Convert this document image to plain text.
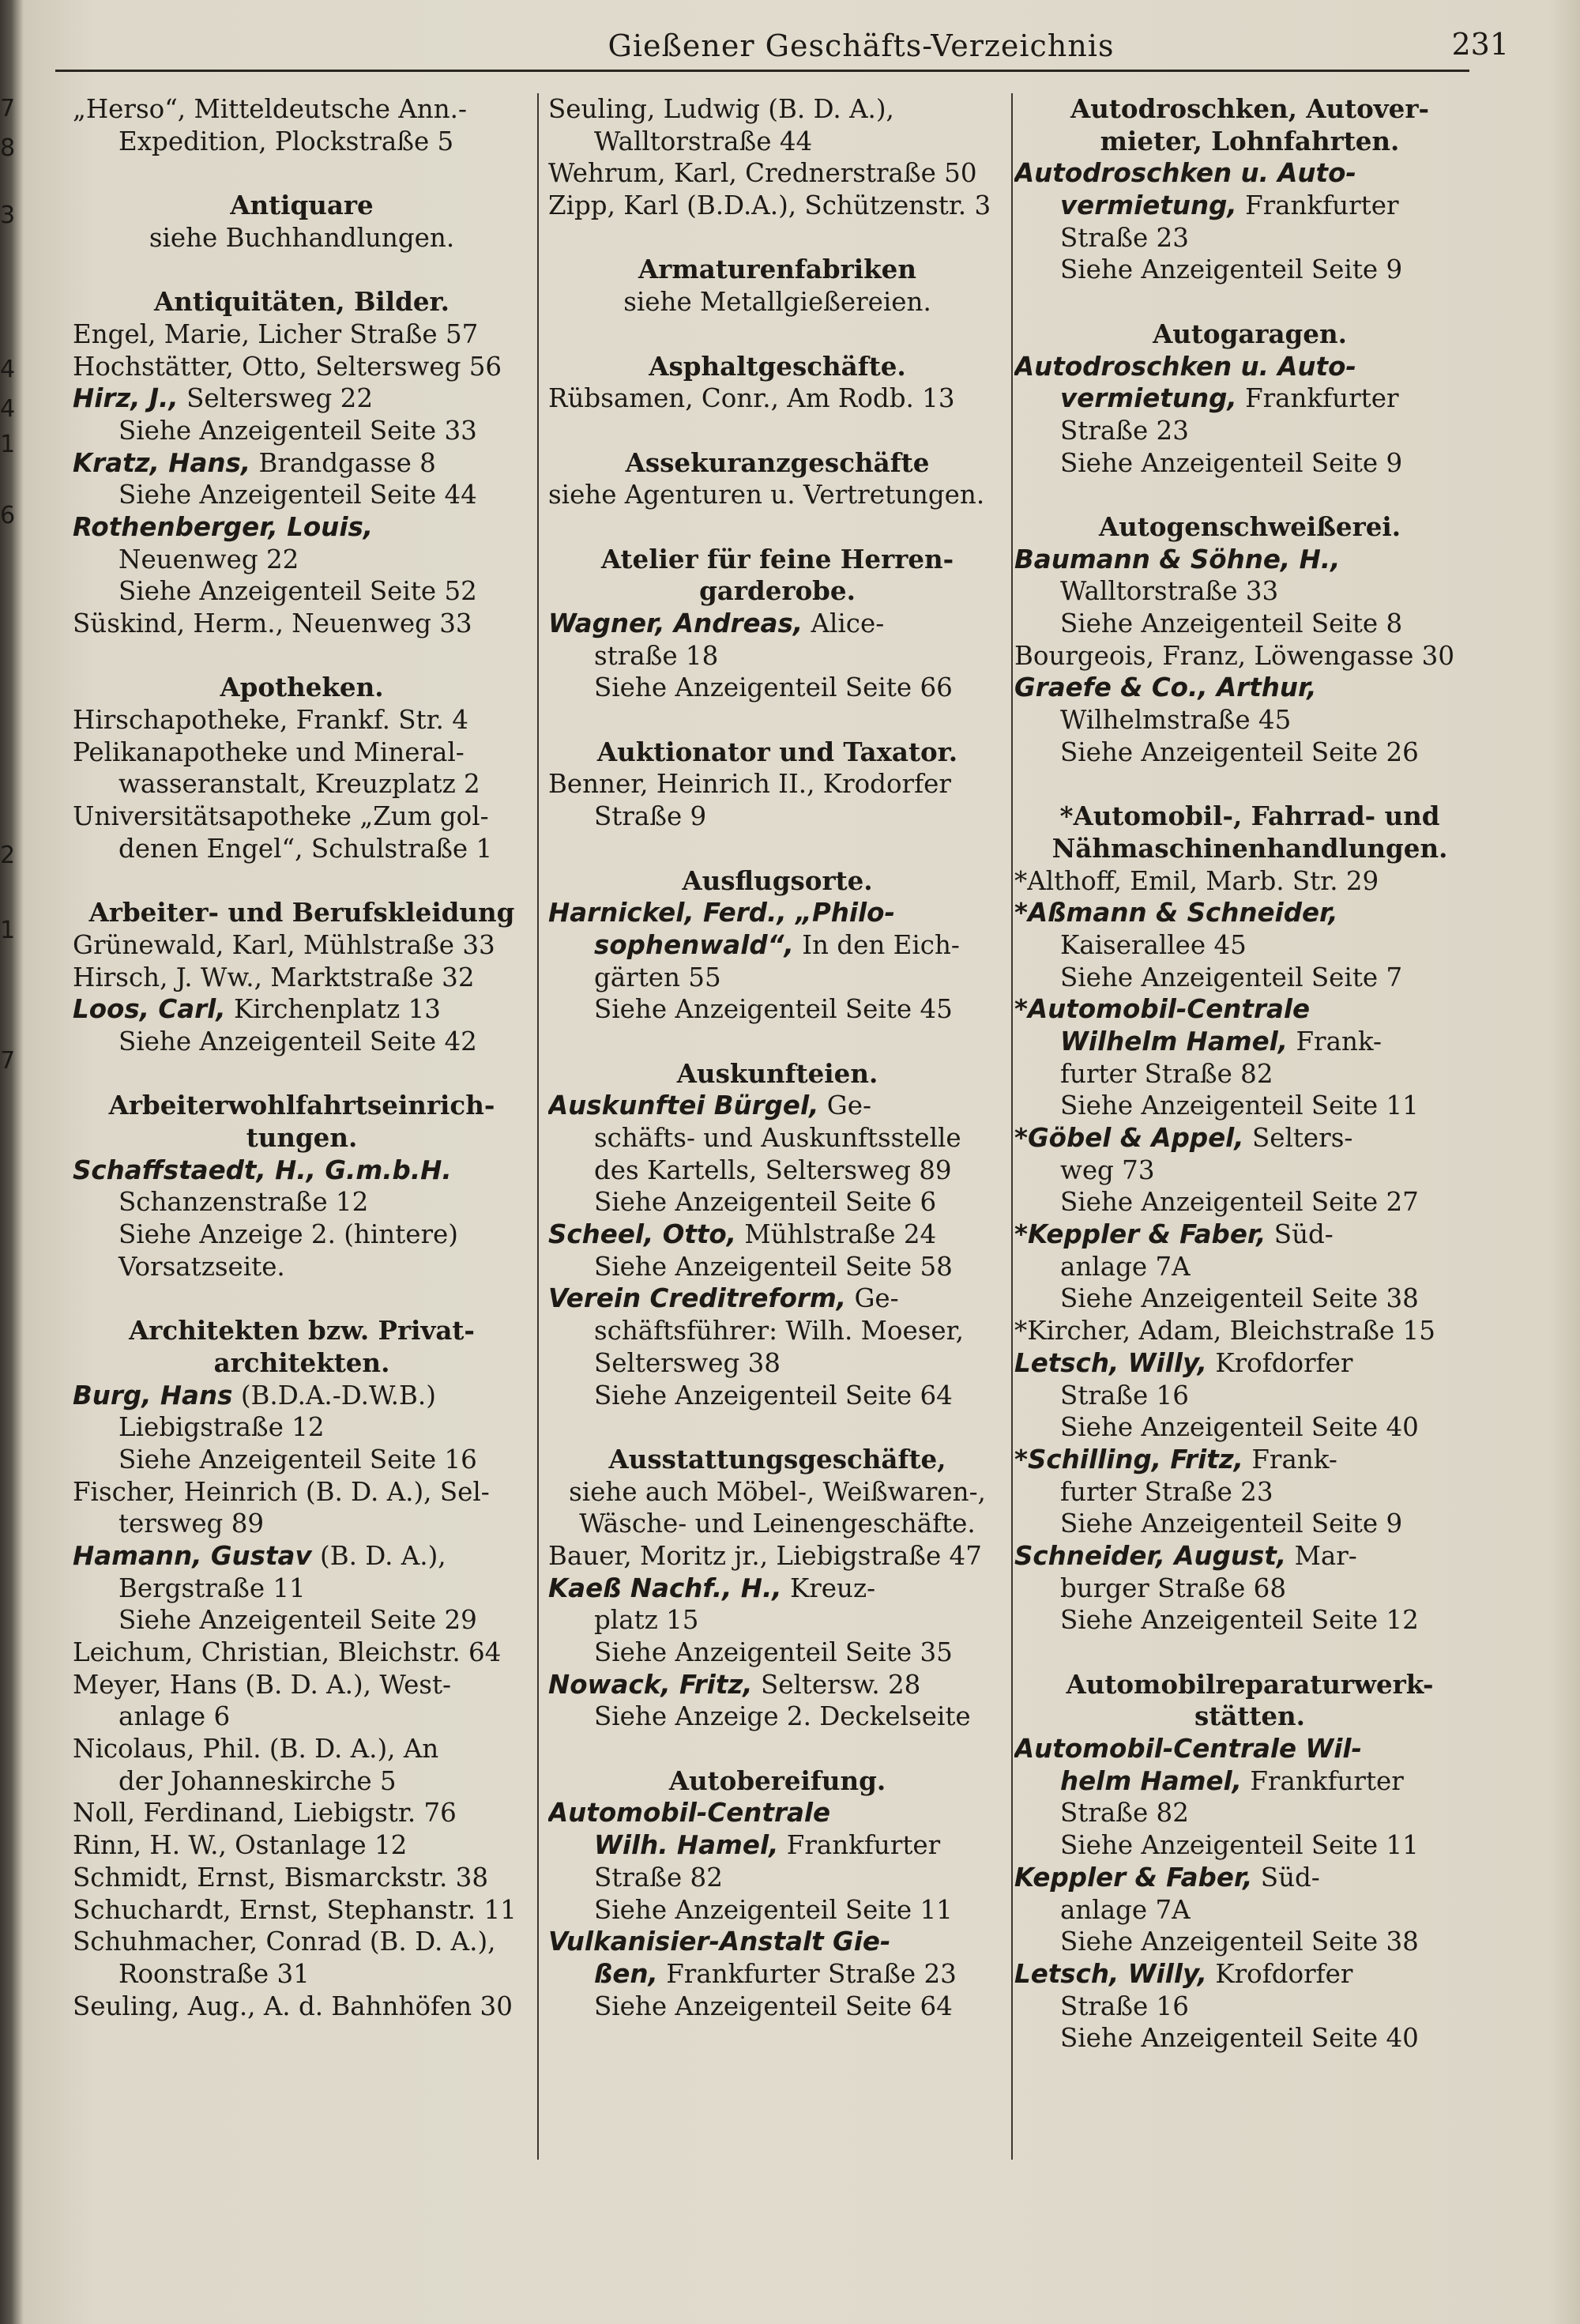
7
8
3
4
4
1
6
2
1
7
Gießener Geschäfts-Verzeichnis	231
„Herso“, Mitteldeutsche Ann.-
Expedition, Plockstraße 5
Antiquare
siehe Buchhandlungen.
Antiquitäten, Bilder.
Engel, Marie, Licher Straße 57
Hochstätter, Otto, Seltersweg 56
Hirz, J., Seltersweg 22
Siehe Anzeigenteil Seite 33
Kratz, Hans, Brandgasse 8
Siehe Anzeigenteil Seite 44
Rothenberger, Louis,
Neuenweg 22
Siehe Anzeigenteil Seite 52
Süskind, Herm., Neuenweg 33
Apotheken.
Hirschapotheke, Frankf. Str. 4
Pelikanapotheke und Mineral-
wasseranstalt, Kreuzplatz 2
Universitätsapotheke „Zum gol-
denen Engel“, Schulstraße 1
Arbeiter- und Berufskleidung
Grünewald, Karl, Mühlstraße 33
Hirsch, J. Ww., Marktstraße 32
Loos, Carl, Kirchenplatz 13
Siehe Anzeigenteil Seite 42
Arbeiterwohlfahrtseinrich-
tungen.
Schaffstaedt, H., G.m.b.H.
Schanzenstraße 12
Siehe Anzeige 2. (hintere)
Vorsatzseite.
Architekten bzw. Privat-
architekten.
Burg, Hans (B.D.A.-D.W.B.)
Liebigstraße 12
Siehe Anzeigenteil Seite 16
Fischer, Heinrich (B. D. A.), Sel-
tersweg 89
Hamann, Gustav (B. D. A.),
Bergstraße 11
Siehe Anzeigenteil Seite 29
Leichum, Christian, Bleichstr. 64
Meyer, Hans (B. D. A.), West-
anlage 6
Nicolaus, Phil. (B. D. A.), An
der Johanneskirche 5
Noll, Ferdinand, Liebigstr. 76
Rinn, H. W., Ostanlage 12
Schmidt, Ernst, Bismarckstr. 38
Schuchardt, Ernst, Stephanstr. 11
Schuhmacher, Conrad (B. D. A.),
Roonstraße 31
Seuling, Aug., A. d. Bahnhöfen 30
Seuling, Ludwig (B. D. A.),
Walltorstraße 44
Wehrum, Karl, Crednerstraße 50
Zipp, Karl (B.D.A.), Schützenstr. 3
Armaturenfabriken
siehe Metallgießereien.
Asphaltgeschäfte.
Rübsamen, Conr., Am Rodb. 13
Assekuranzgeschäfte
siehe Agenturen u. Vertretungen.
Atelier für feine Herren-
garderobe.
Wagner, Andreas, Alice-
straße 18
Siehe Anzeigenteil Seite 66
Auktionator und Taxator.
Benner, Heinrich II., Krodorfer
Straße 9
Ausflugsorte.
Harnickel, Ferd., „Philo-
sophenwald“, In den Eich-
gärten 55
Siehe Anzeigenteil Seite 45
Auskunfteien.
Auskunftei Bürgel, Ge-
schäfts- und Auskunftsstelle
des Kartells, Seltersweg 89
Siehe Anzeigenteil Seite 6
Scheel, Otto, Mühlstraße 24
Siehe Anzeigenteil Seite 58
Verein Creditreform, Ge-
schäftsführer: Wilh. Moeser,
Seltersweg 38
Siehe Anzeigenteil Seite 64
Ausstattungsgeschäfte,
siehe auch Möbel-, Weißwaren-,
Wäsche- und Leinengeschäfte.
Bauer, Moritz jr., Liebigstraße 47
Kaeß Nachf., H., Kreuz-
platz 15
Siehe Anzeigenteil Seite 35
Nowack, Fritz, Seltersw. 28
Siehe Anzeige 2. Deckelseite
Autobereifung.
Automobil-Centrale
Wilh. Hamel, Frankfurter
Straße 82
Siehe Anzeigenteil Seite 11
Vulkanisier-Anstalt Gie-
ßen, Frankfurter Straße 23
Siehe Anzeigenteil Seite 64
Autodroschken, Autover-
mieter, Lohnfahrten.
Autodroschken u. Auto-
vermietung, Frankfurter
Straße 23
Siehe Anzeigenteil Seite 9
Autogaragen.
Autodroschken u. Auto-
vermietung, Frankfurter
Straße 23
Siehe Anzeigenteil Seite 9
Autogenschweißerei.
Baumann & Söhne, H.,
Walltorstraße 33
Siehe Anzeigenteil Seite 8
Bourgeois, Franz, Löwengasse 30
Graefe & Co., Arthur,
Wilhelmstraße 45
Siehe Anzeigenteil Seite 26
*Automobil-, Fahrrad- und
Nähmaschinenhandlungen.
*Althoff, Emil, Marb. Str. 29
*Aßmann & Schneider,
Kaiserallee 45
Siehe Anzeigenteil Seite 7
*Automobil-Centrale
Wilhelm Hamel, Frank-
furter Straße 82
Siehe Anzeigenteil Seite 11
*Göbel & Appel, Selters-
weg 73
Siehe Anzeigenteil Seite 27
*Keppler & Faber, Süd-
anlage 7A
Siehe Anzeigenteil Seite 38
*Kircher, Adam, Bleichstraße 15
Letsch, Willy, Krofdorfer
Straße 16
Siehe Anzeigenteil Seite 40
*Schilling, Fritz, Frank-
furter Straße 23
Siehe Anzeigenteil Seite 9
Schneider, August, Mar-
burger Straße 68
Siehe Anzeigenteil Seite 12
Automobilreparaturwerk-
stätten.
Automobil-Centrale Wil-
helm Hamel, Frankfurter
Straße 82
Siehe Anzeigenteil Seite 11
Keppler & Faber, Süd-
anlage 7A
Siehe Anzeigenteil Seite 38
Letsch, Willy, Krofdorfer
Straße 16
Siehe Anzeigenteil Seite 40
